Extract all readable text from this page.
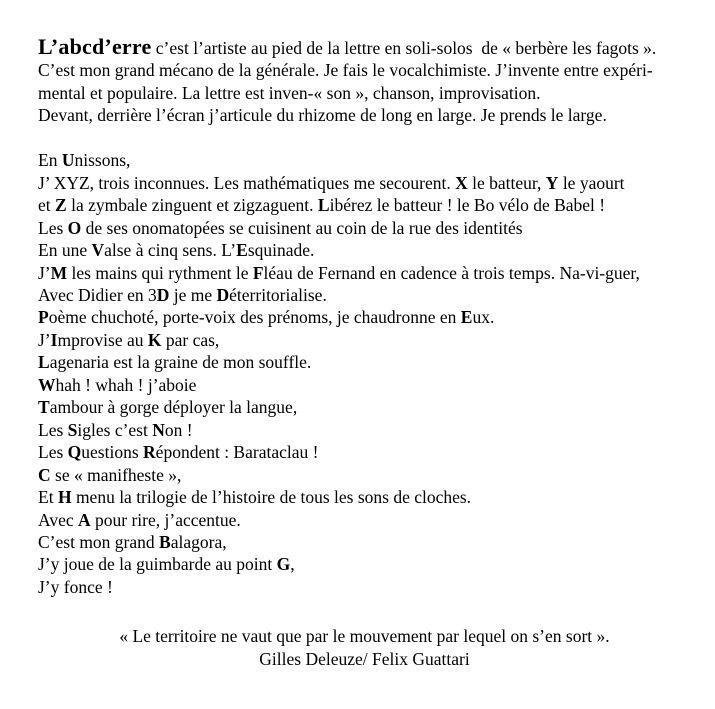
L’abcd’erre c’est l’artiste au pied de la lettre en soli-solos  de « berbère les fagots ».
C’est mon grand mécano de la générale. Je fais le vocalchimiste. J’invente entre expéri-
mental et populaire. La lettre est inven-« son », chanson, improvisation.
Devant, derrière l’écran j’articule du rhizome de long en large. Je prends le large.

En Unissons,
J’ XYZ, trois inconnues. Les mathématiques me secourent. X le batteur, Y le yaourt
et Z la zymbale zinguent et zigzaguent. Libérez le batteur ! le Bo vélo de Babel !
Les O de ses onomatopées se cuisinent au coin de la rue des identités
En une Valse à cinq sens. L’Esquinade.
J’M les mains qui rythment le Fléau de Fernand en cadence à trois temps. Na-vi-guer,
Avec Didier en 3D je me Déterritorialise.
Poème chuchoté, porte-voix des prénoms, je chaudronne en Eux.
J’Improvise au K par cas,
Lagenaria est la graine de mon souffle.
Whah ! whah ! j’aboie
Tambour à gorge déployer la langue,
Les Sigles c’est Non !
Les Questions Répondent : Barataclau !
C se « manifheste »,
Et H menu la trilogie de l’histoire de tous les sons de cloches.
Avec A pour rire, j’accentue.
C’est mon grand Balagora,
J’y joue de la guimbarde au point G,
J’y fonce !
« Le territoire ne vaut que par le mouvement par lequel on s’en sort ».
Gilles Deleuze/ Felix Guattari
